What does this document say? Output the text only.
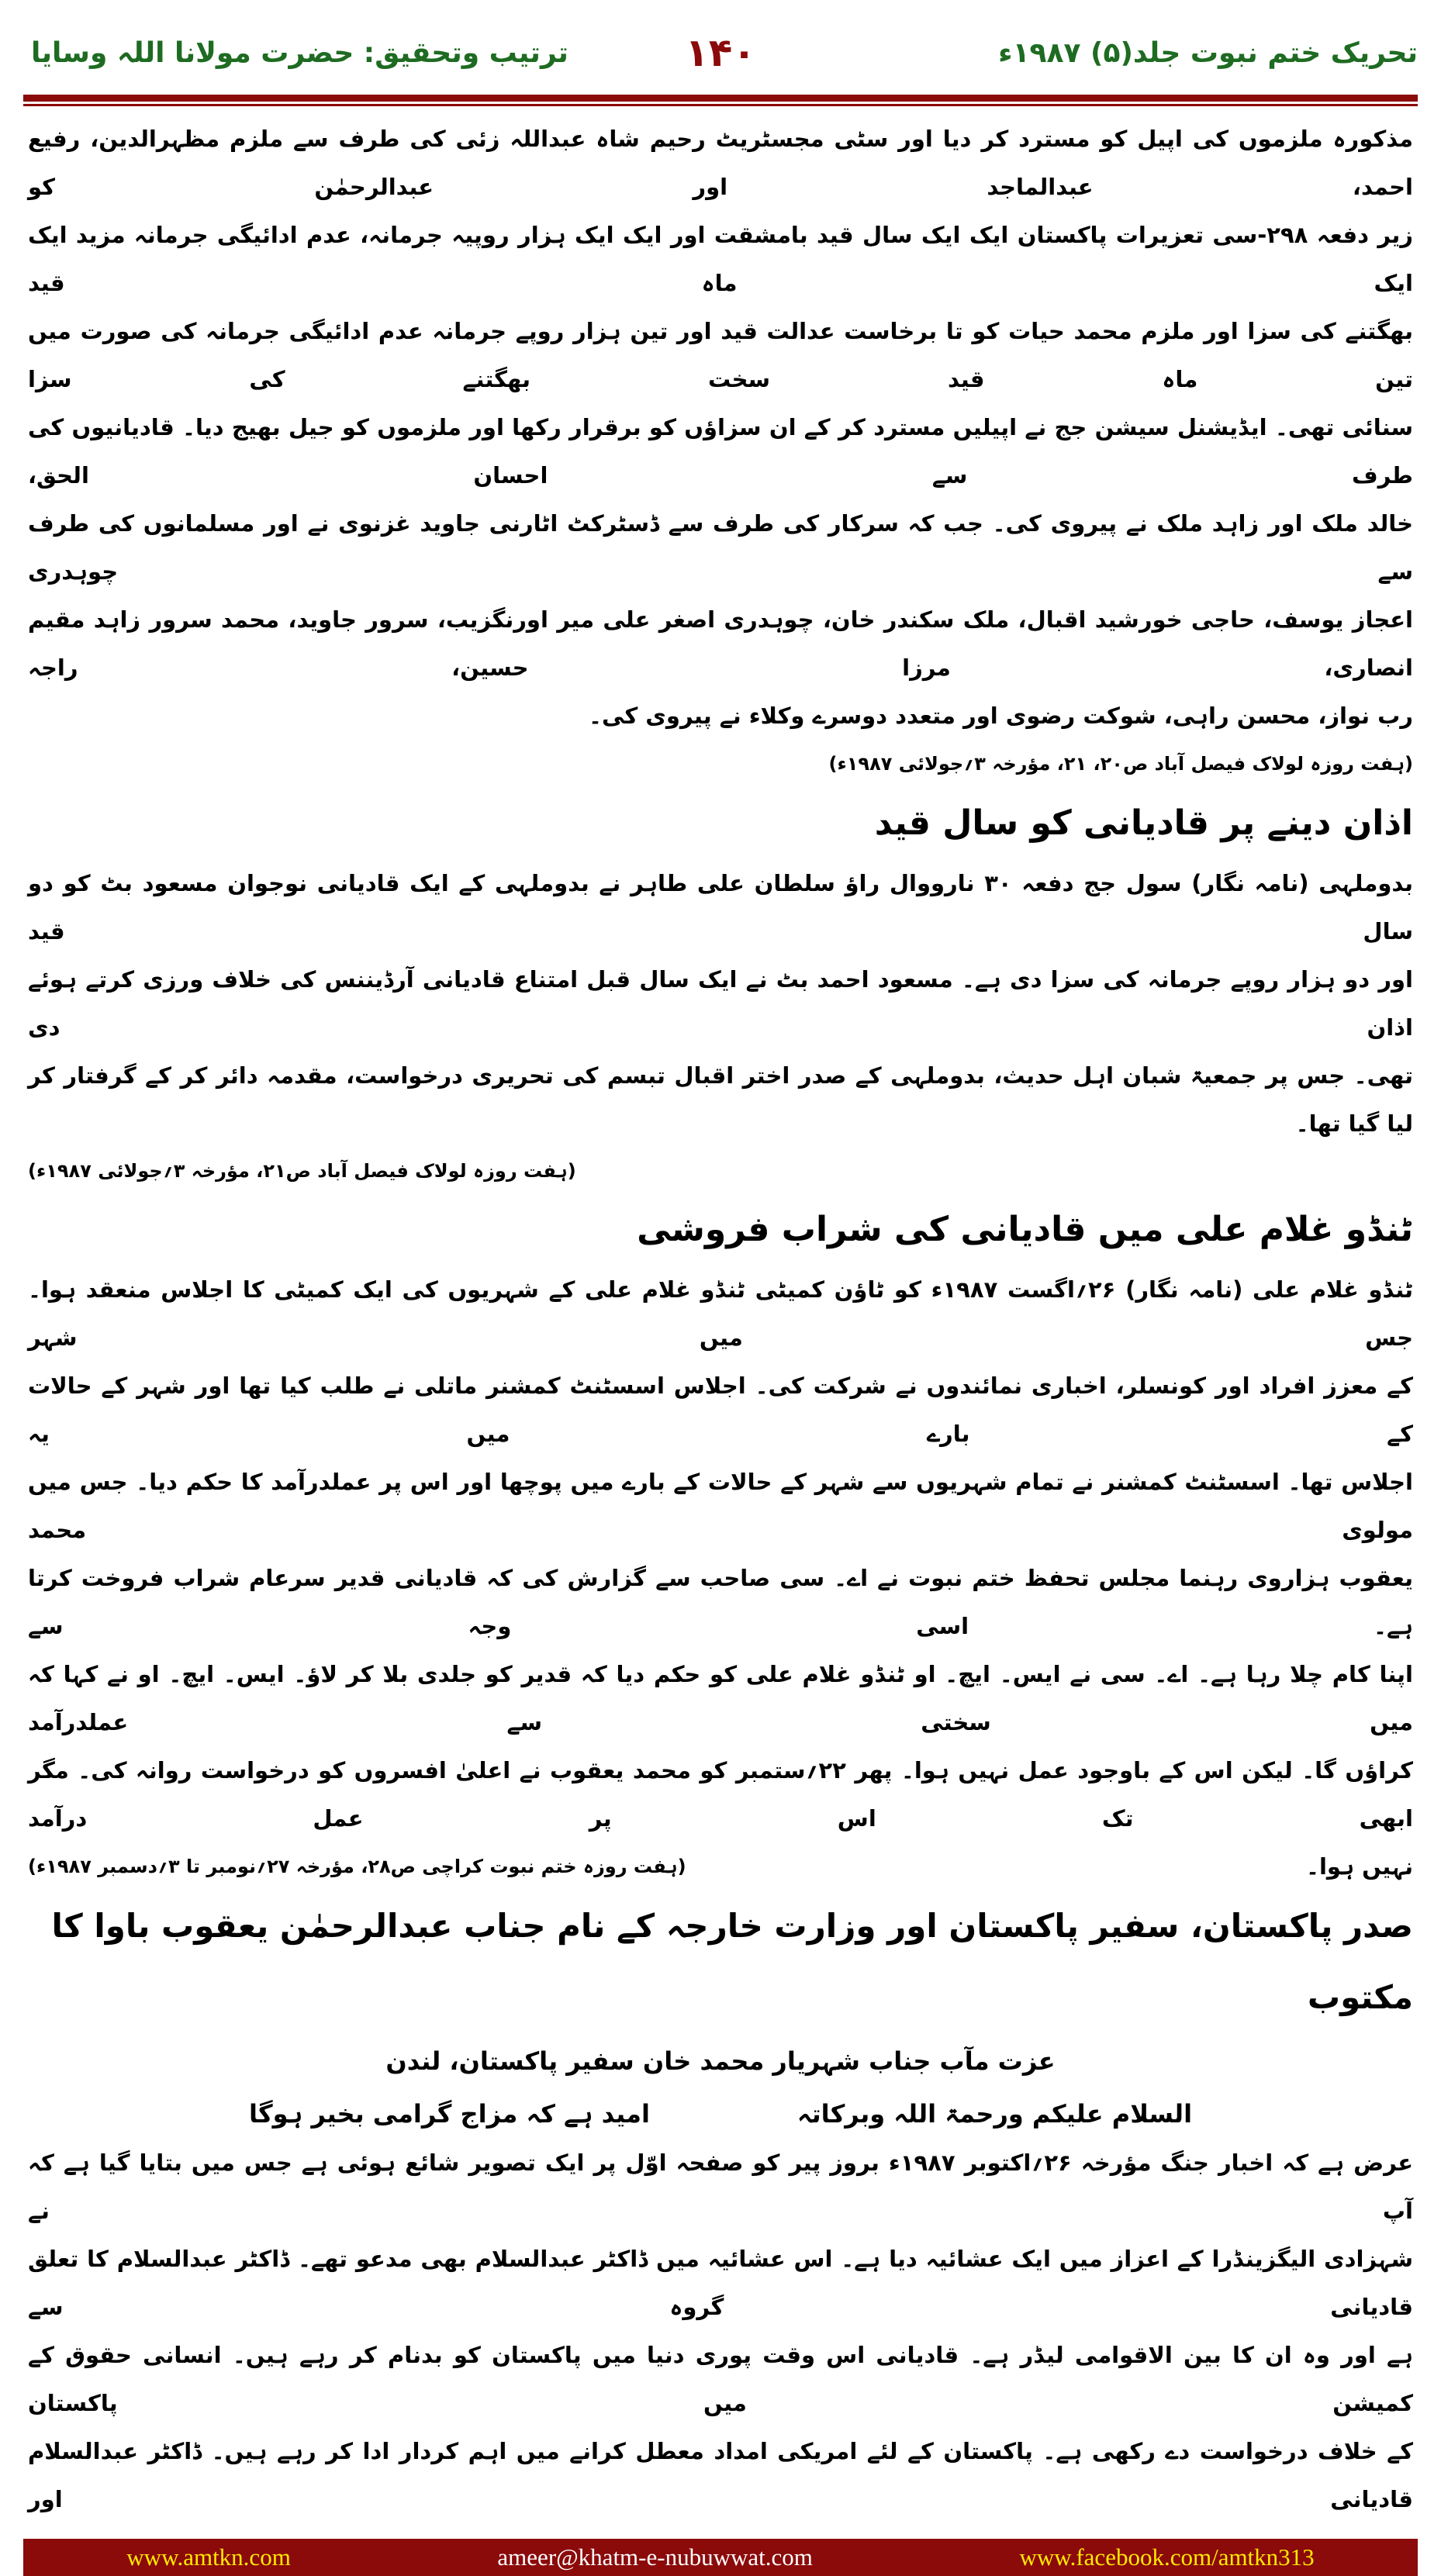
تحریک ختم نبوت جلد(۵) ۱۹۸۷ء
۱۴۰
ترتیب وتحقیق: حضرت مولانا اللہ وسایا
مذکورہ ملزموں کی اپیل کو مسترد کر دیا اور سٹی مجسٹریٹ رحیم شاہ عبداللہ زئی کی طرف سے ملزم مظہرالدین، رفیع احمد، عبدالماجد اور عبدالرحمٰن کو
زیر دفعہ ۲۹۸-سی تعزیرات پاکستان ایک ایک سال قید بامشقت اور ایک ایک ہزار روپیہ جرمانہ، عدم ادائیگی جرمانہ مزید ایک ایک ماہ قید
بھگتنے کی سزا اور ملزم محمد حیات کو تا برخاست عدالت قید اور تین ہزار روپے جرمانہ عدم ادائیگی جرمانہ کی صورت میں تین ماہ قید سخت بھگتنے کی سزا
سنائی تھی۔ ایڈیشنل سیشن جج نے اپیلیں مسترد کر کے ان سزاؤں کو برقرار رکھا اور ملزموں کو جیل بھیج دیا۔ قادیانیوں کی طرف سے احسان الحق،
خالد ملک اور زاہد ملک نے پیروی کی۔ جب کہ سرکار کی طرف سے ڈسٹرکٹ اٹارنی جاوید غزنوی نے اور مسلمانوں کی طرف سے چوہدری
اعجاز یوسف، حاجی خورشید اقبال، ملک سکندر خان، چوہدری اصغر علی میر اورنگزیب، سرور جاوید، محمد سرور زاہد مقیم انصاری، مرزا حسین، راجہ
رب نواز، محسن راہی، شوکت رضوی اور متعدد دوسرے وکلاء نے پیروی کی۔
(ہفت روزہ لولاک فیصل آباد ص۲۰، ۲۱، مؤرخہ ۳؍جولائی ۱۹۸۷ء)
اذان دینے پر قادیانی کو سال قید
بدوملہی (نامہ نگار) سول جج دفعہ ۳۰ نارووال راؤ سلطان علی طاہر نے بدوملہی کے ایک قادیانی نوجوان مسعود بٹ کو دو سال قید
اور دو ہزار روپے جرمانہ کی سزا دی ہے۔ مسعود احمد بٹ نے ایک سال قبل امتناع قادیانی آرڈیننس کی خلاف ورزی کرتے ہوئے اذان دی
تھی۔ جس پر جمعیۃ شبان اہل حدیث، بدوملہی کے صدر اختر اقبال تبسم کی تحریری درخواست، مقدمہ دائر کر کے گرفتار کر لیا گیا تھا۔
(ہفت روزہ لولاک فیصل آباد ص۲۱، مؤرخہ ۳؍جولائی ۱۹۸۷ء)
ٹنڈو غلام علی میں قادیانی کی شراب فروشی
ٹنڈو غلام علی (نامہ نگار) ۲۶؍اگست ۱۹۸۷ء کو ٹاؤن کمیٹی ٹنڈو غلام علی کے شہریوں کی ایک کمیٹی کا اجلاس منعقد ہوا۔ جس میں شہر
کے معزز افراد اور کونسلر، اخباری نمائندوں نے شرکت کی۔ اجلاس اسسٹنٹ کمشنر ماتلی نے طلب کیا تھا اور شہر کے حالات کے بارے میں یہ
اجلاس تھا۔ اسسٹنٹ کمشنر نے تمام شہریوں سے شہر کے حالات کے بارے میں پوچھا اور اس پر عملدرآمد کا حکم دیا۔ جس میں مولوی محمد
یعقوب ہزاروی رہنما مجلس تحفظ ختم نبوت نے اے۔ سی صاحب سے گزارش کی کہ قادیانی قدیر سرعام شراب فروخت کرتا ہے۔ اسی وجہ سے
اپنا کام چلا رہا ہے۔ اے۔ سی نے ایس۔ ایچ۔ او ٹنڈو غلام علی کو حکم دیا کہ قدیر کو جلدی بلا کر لاؤ۔ ایس۔ ایچ۔ او نے کہا کہ میں سختی سے عملدرآمد
کراؤں گا۔ لیکن اس کے باوجود عمل نہیں ہوا۔ پھر ۲۲؍ستمبر کو محمد یعقوب نے اعلیٰ افسروں کو درخواست روانہ کی۔ مگر ابھی تک اس پر عمل درآمد
نہیں ہوا۔
(ہفت روزہ ختم نبوت کراچی ص۲۸، مؤرخہ ۲۷؍نومبر تا ۳؍دسمبر ۱۹۸۷ء)
صدر پاکستان، سفیر پاکستان اور وزارت خارجہ کے نام جناب عبدالرحمٰن یعقوب باوا کا مکتوب
عزت مآب جناب شہریار محمد خان سفیر پاکستان، لندن
السلام علیکم ورحمۃ اللہ وبرکاتہ
امید ہے کہ مزاج گرامی بخیر ہوگا
عرض ہے کہ اخبار جنگ مؤرخہ ۲۶؍اکتوبر ۱۹۸۷ء بروز پیر کو صفحہ اوّل پر ایک تصویر شائع ہوئی ہے جس میں بتایا گیا ہے کہ آپ نے
شہزادی الیگزینڈرا کے اعزاز میں ایک عشائیہ دیا ہے۔ اس عشائیہ میں ڈاکٹر عبدالسلام بھی مدعو تھے۔ ڈاکٹر عبدالسلام کا تعلق قادیانی گروہ سے
ہے اور وہ ان کا بین الاقوامی لیڈر ہے۔ قادیانی اس وقت پوری دنیا میں پاکستان کو بدنام کر رہے ہیں۔ انسانی حقوق کے کمیشن میں پاکستان
کے خلاف درخواست دے رکھی ہے۔ پاکستان کے لئے امریکی امداد معطل کرانے میں اہم کردار ادا کر رہے ہیں۔ ڈاکٹر عبدالسلام قادیانی اور
www.amtkn.com	ameer@khatm-e-nubuwwat.com	www.facebook.com/amtkn313
